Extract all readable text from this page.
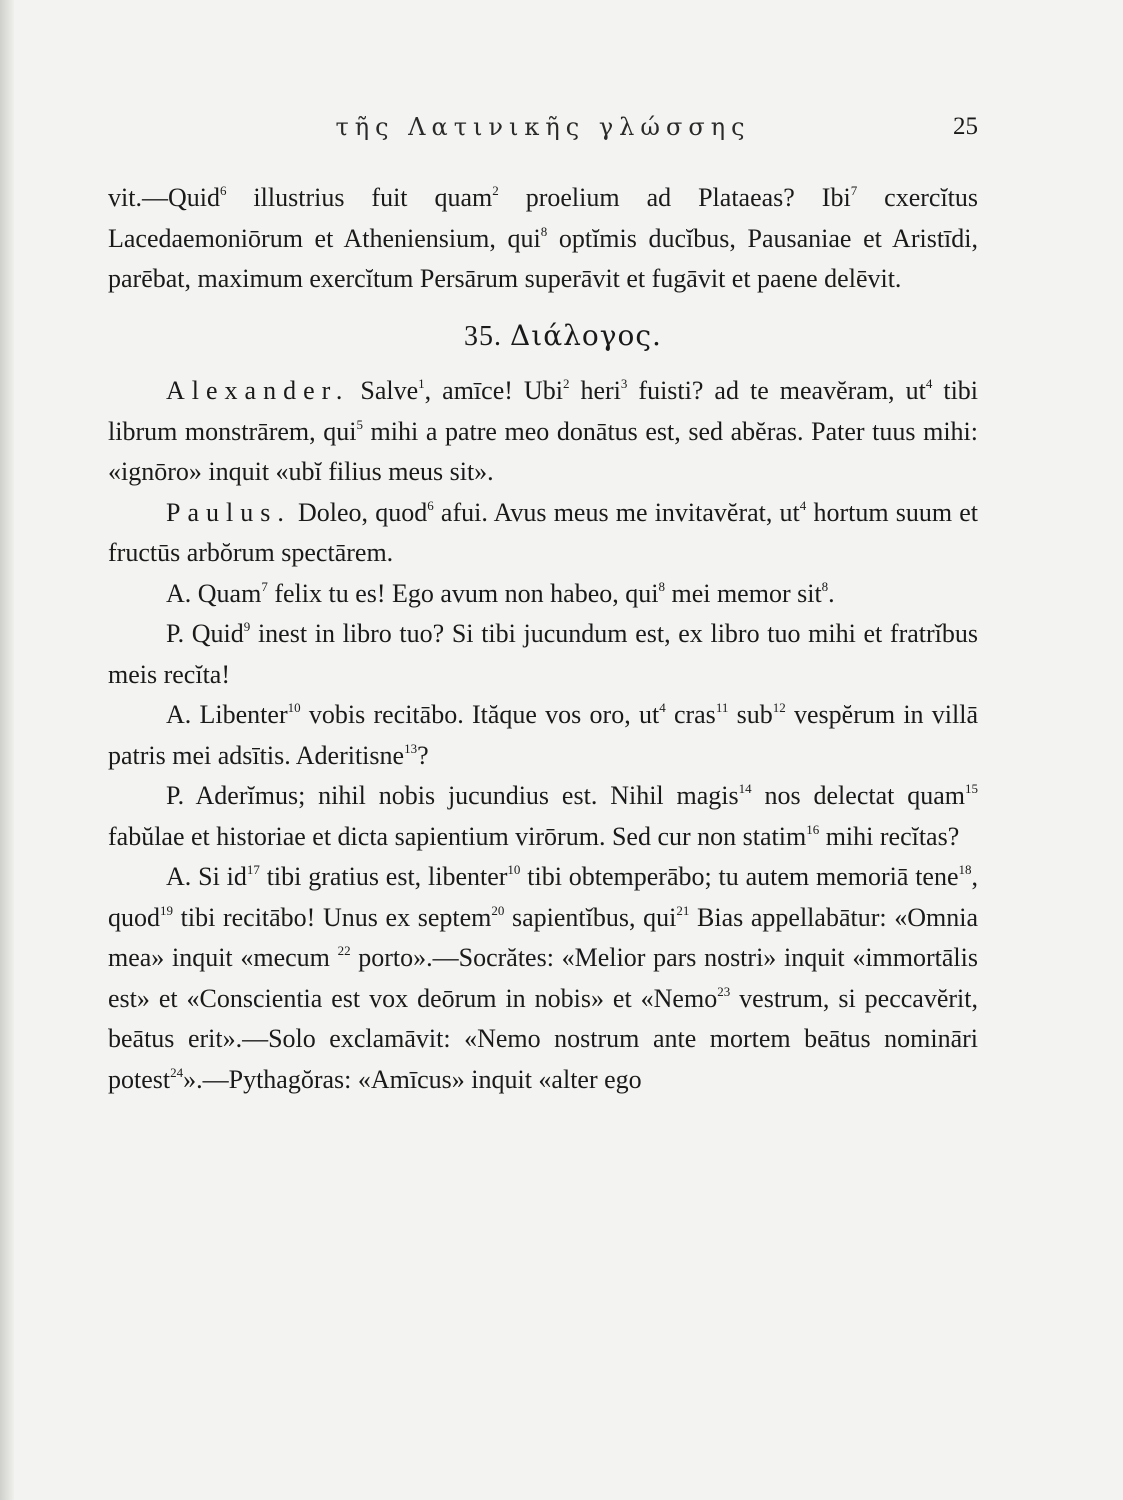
τῆς Λατινικῆς γλώσσης	25

vit.—Quid$^6$ illustrius fuit quam$^2$ proelium ad Plataeas? Ibi$^7$ cxercĭtus Lacedaemoniōrum et Atheniensium, qui$^8$ optĭmis ducĭbus, Pausaniae et Aristīdi, parēbat, maximum exercĭtum Persārum superāvit et fugāvit et paene delēvit.

35. Διάλογος.

Alexander. Salve$^1$, amīce! Ubi$^2$ heri$^3$ fuisti? ad te meavĕram, $ut^4$ tibi librum monstrārem, qui$^5$ mihi a patre meo donātus est, sed abĕras. Pater tuus mihi: «ignōro» inquit «ubĭ filius meus sit».

Paulus. Doleo, quod$^6$ afui. Avus meus me invitavĕrat, $ut^4$ hortum suum et fructūs arbŏrum spectārem.

A. Quam$^7$ felix tu es! Ego avum non habeo, qui$^8$ mei memor sit$^8$.

P. Quid$^9$ inest in libro tuo? Si tibi jucundum est, ex libro tuo mihi et fratrĭbus meis recĭta!

A. Libenter$^{10}$ vobis recitābo. Ităque vos oro, $ut^4$ cras$^{11}$ sub$^{12}$ vespĕrum in villā patris mei adsītis. Aderitisne$^{13}$?

P. Aderĭmus; nihil nobis jucundius est. Nihil magis$^{14}$ nos delectat quam$^{15}$ fabŭlae et historiae et dicta sapientium virōrum. Sed cur non statim$^{16}$ mihi recĭtas?

A. Si $id^{17}$ tibi gratius est, libenter$^{10}$ tibi obtemperābo; tu autem memoriā tene$^{18}$, quod$^{19}$ tibi recitābo! Unus ex septem$^{20}$ sapientĭbus, qui$^{21}$ Bias appellabātur: «Omnia mea» inquit «mecum $^{22}$ porto».—Socrătes: «Melior pars nostri» inquit «immortālis est» et «Conscientia est vox deōrum in nobis» et «Nemo$^{23}$ vestrum, si peccavĕrit, beātus erit».—Solo exclamāvit: «Nemo nostrum ante mortem beātus nomināri potest$^{24}$».—Pythagŏras: «Amīcus» inquit «alter ego
